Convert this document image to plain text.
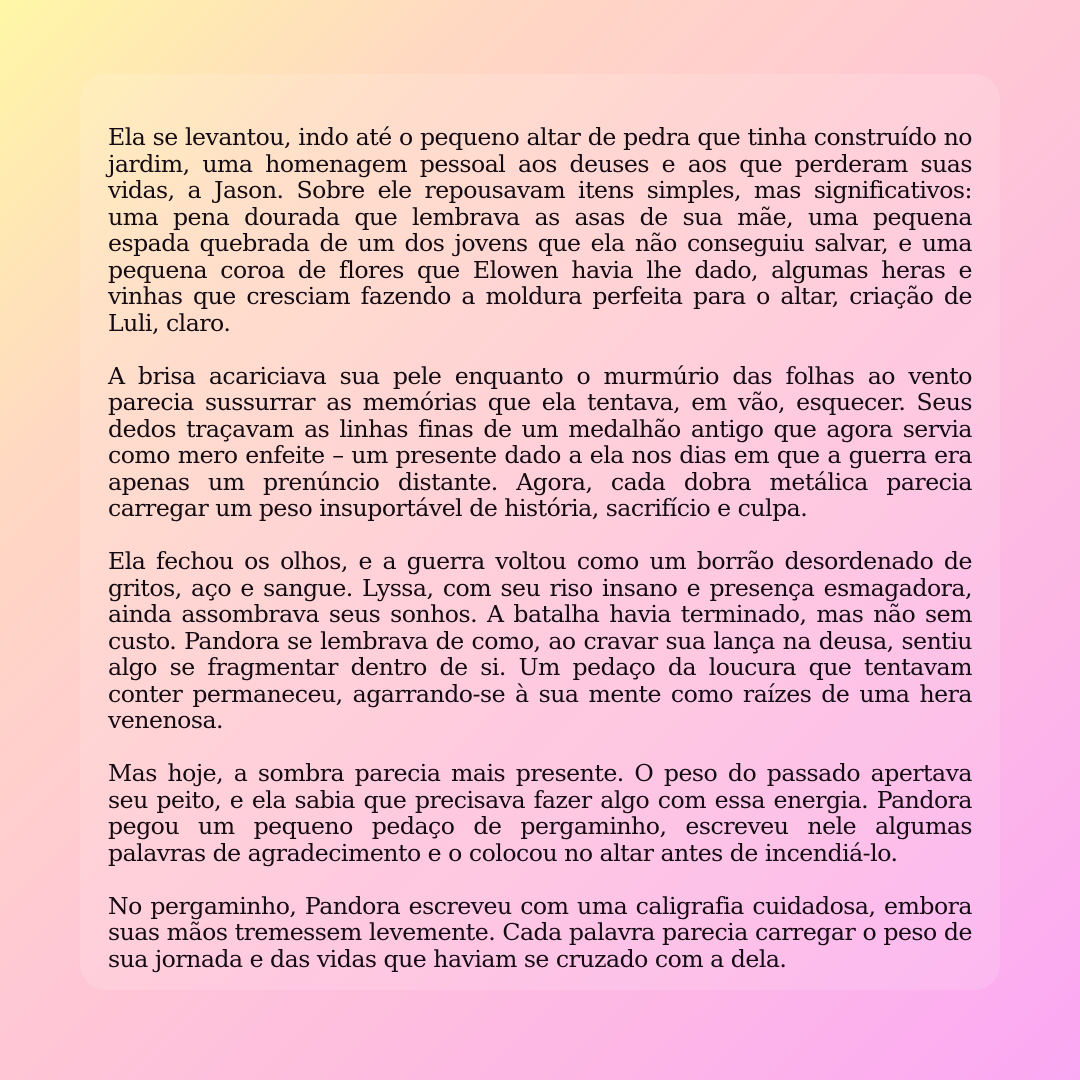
Ela se levantou, indo até o pequeno altar de pedra que tinha construído no jardim, uma homenagem pessoal aos deuses e aos que perderam suas vidas, a Jason. Sobre ele repousavam itens simples, mas significativos: uma pena dourada que lembrava as asas de sua mãe, uma pequena espada quebrada de um dos jovens que ela não conseguiu salvar, e uma pequena coroa de flores que Elowen havia lhe dado, algumas heras e vinhas que cresciam fazendo a moldura perfeita para o altar, criação de Luli, claro.

A brisa acariciava sua pele enquanto o murmúrio das folhas ao vento parecia sussurrar as memórias que ela tentava, em vão, esquecer. Seus dedos traçavam as linhas finas de um medalhão antigo que agora servia como mero enfeite – um presente dado a ela nos dias em que a guerra era apenas um prenúncio distante. Agora, cada dobra metálica parecia carregar um peso insuportável de história, sacrifício e culpa.

Ela fechou os olhos, e a guerra voltou como um borrão desordenado de gritos, aço e sangue. Lyssa, com seu riso insano e presença esmagadora, ainda assombrava seus sonhos. A batalha havia terminado, mas não sem custo. Pandora se lembrava de como, ao cravar sua lança na deusa, sentiu algo se fragmentar dentro de si. Um pedaço da loucura que tentavam conter permaneceu, agarrando-se à sua mente como raízes de uma hera venenosa.

Mas hoje, a sombra parecia mais presente. O peso do passado apertava seu peito, e ela sabia que precisava fazer algo com essa energia. Pandora pegou um pequeno pedaço de pergaminho, escreveu nele algumas palavras de agradecimento e o colocou no altar antes de incendiá-lo.

No pergaminho, Pandora escreveu com uma caligrafia cuidadosa, embora suas mãos tremessem levemente. Cada palavra parecia carregar o peso de sua jornada e das vidas que haviam se cruzado com a dela.
